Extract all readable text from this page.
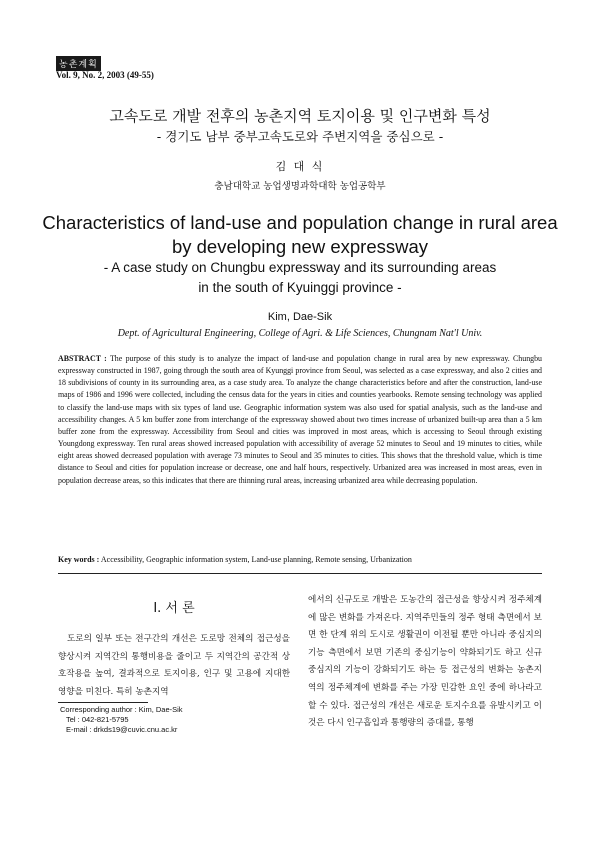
농촌계획
Vol. 9, No. 2, 2003 (49-55)
고속도로 개발 전후의 농촌지역 토지이용 및 인구변화 특성
- 경기도 남부 중부고속도로와 주변지역을 중심으로 -
김 대 식
충남대학교 농업생명과학대학 농업공학부
Characteristics of land-use and population change in rural area
by developing new expressway
- A case study on Chungbu expressway and its surrounding areas
in the south of Kyuinggi province -
Kim, Dae-Sik
Dept. of Agricultural Engineering, College of Agri. & Life Sciences, Chungnam Nat'l Univ.
ABSTRACT : The purpose of this study is to analyze the impact of land-use and population change in rural area by new expressway. Chungbu expressway constructed in 1987, going through the south area of Kyunggi province from Seoul, was selected as a case expressway, and also 2 cities and 18 subdivisions of county in its surrounding area, as a case study area. To analyze the change characteristics before and after the construction, land-use maps of 1986 and 1996 were collected, including the census data for the years in cities and counties yearbooks. Remote sensing technology was applied to classify the land-use maps with six types of land use. Geographic information system was also used for spatial analysis, such as the land-use and accessibility changes. A 5 km buffer zone from interchange of the expressway showed about two times increase of urbanized built-up area than a 5 km buffer zone from the expressway. Accessibility from Seoul and cities was improved in most areas, which is accessing to Seoul through existing Youngdong expressway. Ten rural areas showed increased population with accessibility of average 52 minutes to Seoul and 19 minutes to cities, while eight areas showed decreased population with average 73 minutes to Seoul and 35 minutes to cities. This shows that the threshold value, which is time distance to Seoul and cities for population increase or decrease, one and half hours, respectively. Urbanized area was increased in most areas, even in population decrease areas, so this indicates that there are thinning rural areas, increasing urbanized area while decreasing population.
Key words : Accessibility, Geographic information system, Land-use planning, Remote sensing, Urbanization
Ⅰ. 서 론
도로의 일부 또는 전구간의 개선은 도로망 전체의 접근성을 향상시켜 지역간의 통행비용을 줄이고 두 지역간의 공간적 상호작용을 높여, 결과적으로 토지이용, 인구 및 고용에 지대한 영향을 미친다. 특히 농촌지역
에서의 신규도로 개발은 도농간의 접근성을 향상시켜 정주체계에 많은 변화를 가져온다. 지역주민들의 정주 형태 측면에서 보면 한 단계 위의 도시로 생활권이 이전될 뿐만 아니라 중심지의 기능 측면에서 보면 기존의 중심기능이 약화되기도 하고 신규 중심지의 기능이 강화되기도 하는 등 접근성의 변화는 농촌지역의 정주체계에 변화를 주는 가장 민감한 요인 중에 하나라고 할 수 있다. 접근성의 개선은 새로운 토지수요를 유발시키고 이것은 다시 인구흡입과 통행량의 증대를, 통행
Corresponding author : Kim, Dae-Sik
Tel : 042-821-5795
E-mail : drkds19@cuvic.cnu.ac.kr
